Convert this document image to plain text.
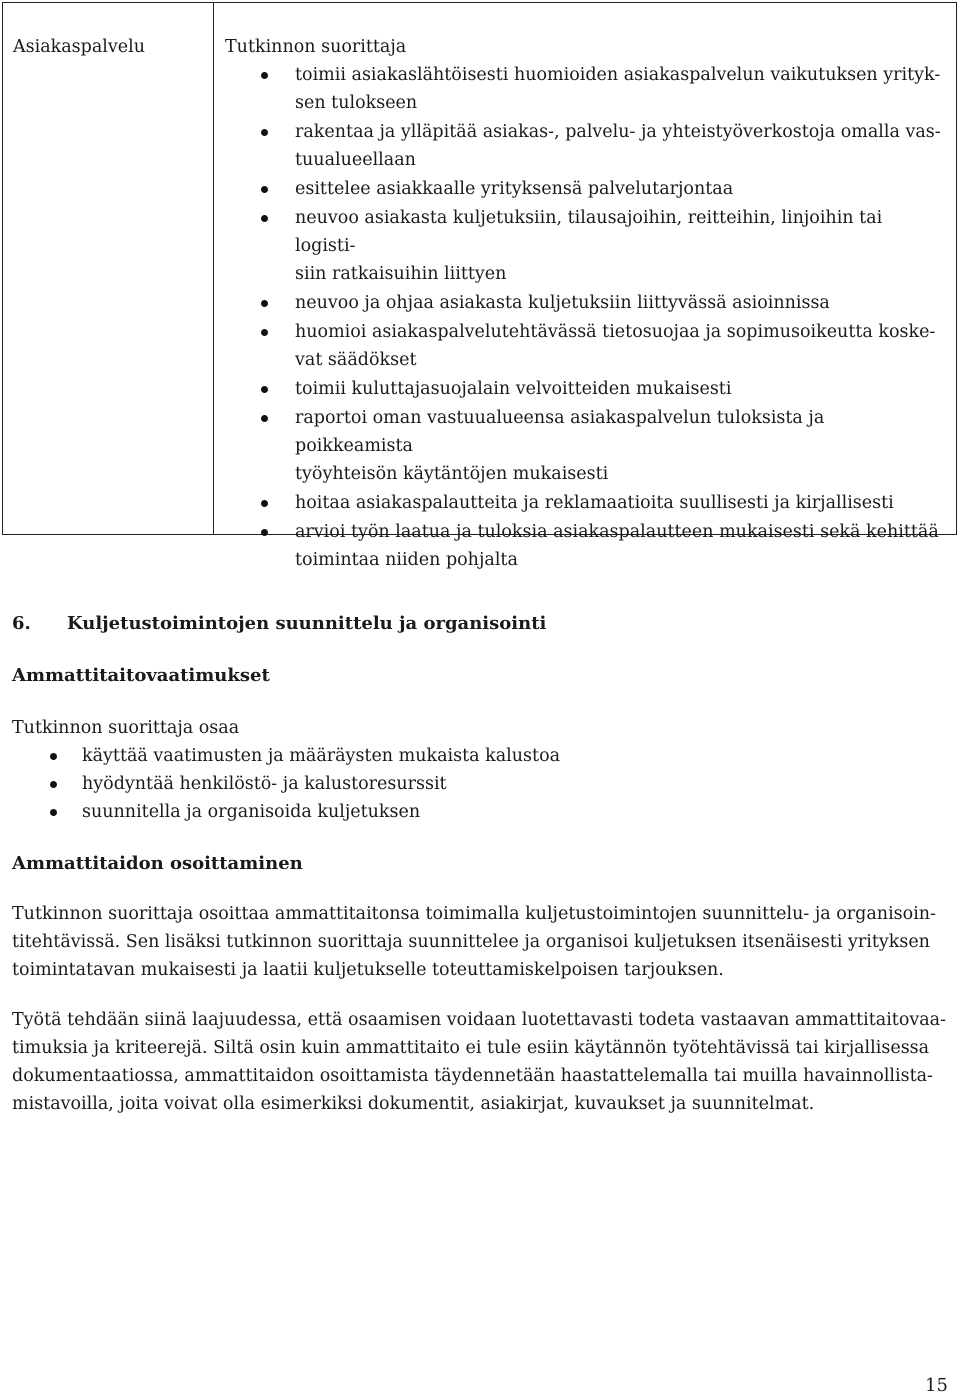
Asiakaspalvelu	Tutkinnon suorittaja

toimii asiakaslähtöisesti huomioiden asiakaspalvelun vaikutuksen yrityk-
sen tulokseen
rakentaa ja ylläpitää asiakas-, palvelu- ja yhteistyöverkostoja omalla vas-
tuualueellaan
esittelee asiakkaalle yrityksensä palvelutarjontaa
neuvoo asiakasta kuljetuksiin, tilausajoihin, reitteihin, linjoihin tai logisti-
siin ratkaisuihin liittyen
neuvoo ja ohjaa asiakasta kuljetuksiin liittyvässä asioinnissa
huomioi asiakaspalvelutehtävässä tietosuojaa ja sopimusoikeutta koske-
vat säädökset
toimii kuluttajasuojalain velvoitteiden mukaisesti
raportoi oman vastuualueensa asiakaspalvelun tuloksista ja poikkeamista
työyhteisön käytäntöjen mukaisesti
hoitaa asiakaspalautteita ja reklamaatioita suullisesti ja kirjallisesti
arvioi työn laatua ja tuloksia asiakaspalautteen mukaisesti sekä kehittää
toimintaa niiden pohjalta

6.	Kuljetustoimintojen suunnittelu ja organisointi

Ammattitaitovaatimukset

Tutkinnon suorittaja osaa

käyttää vaatimusten ja määräysten mukaista kalustoa
hyödyntää henkilöstö- ja kalustoresurssit
suunnitella ja organisoida kuljetuksen

Ammattitaidon osoittaminen

Tutkinnon suorittaja osoittaa ammattitaitonsa toimimalla kuljetustoimintojen suunnittelu- ja organisoin-
titehtävissä. Sen lisäksi tutkinnon suorittaja suunnittelee ja organisoi kuljetuksen itsenäisesti yrityksen
toimintatavan mukaisesti ja laatii kuljetukselle toteuttamiskelpoisen tarjouksen.

Työtä tehdään siinä laajuudessa, että osaamisen voidaan luotettavasti todeta vastaavan ammattitaitovaa-
timuksia ja kriteerejä. Siltä osin kuin ammattitaito ei tule esiin käytännön työtehtävissä tai kirjallisessa
dokumentaatiossa, ammattitaidon osoittamista täydennetään haastattelemalla tai muilla havainnollista-
mistavoilla, joita voivat olla esimerkiksi dokumentit, asiakirjat, kuvaukset ja suunnitelmat.

15
